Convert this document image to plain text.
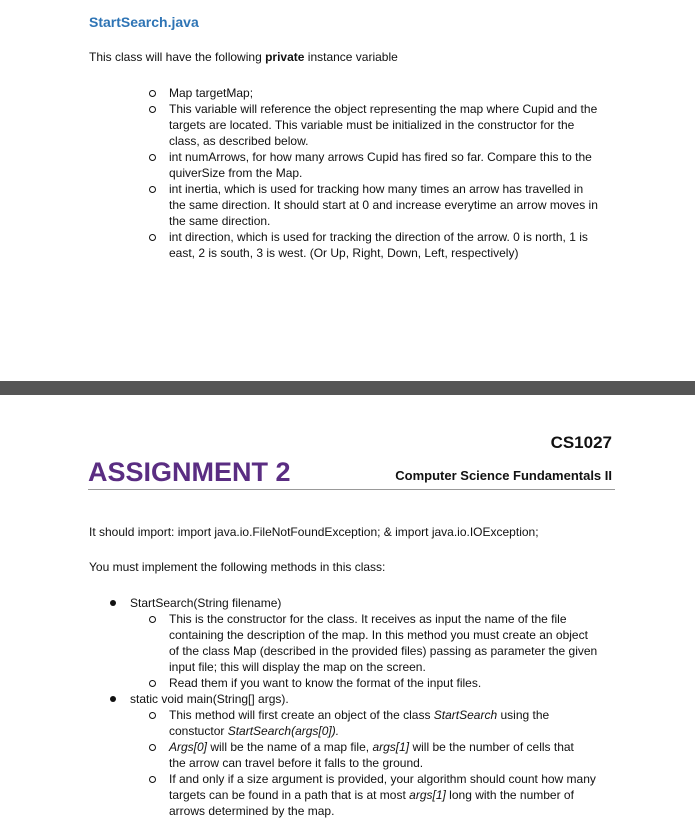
StartSearch.java
This class will have the following private instance variable
Map targetMap;
This variable will reference the object representing the map where Cupid and the
targets are located. This variable must be initialized in the constructor for the
class, as described below.
int numArrows, for how many arrows Cupid has fired so far. Compare this to the
quiverSize from the Map.
int inertia, which is used for tracking how many times an arrow has travelled in
the same direction. It should start at 0 and increase everytime an arrow moves in
the same direction.
int direction, which is used for tracking the direction of the arrow. 0 is north, 1 is
east, 2 is south, 3 is west. (Or Up, Right, Down, Left, respectively)
CS1027
ASSIGNMENT 2	Computer Science Fundamentals II
It should import: import java.io.FileNotFoundException; & import java.io.IOException;
You must implement the following methods in this class:
StartSearch(String filename)
This is the constructor for the class. It receives as input the name of the file
containing the description of the map. In this method you must create an object
of the class Map (described in the provided files) passing as parameter the given
input file; this will display the map on the screen.
Read them if you want to know the format of the input files.
static void main(String[] args).
This method will first create an object of the class StartSearch using the
constuctor StartSearch(args[0]).
Args[0] will be the name of a map file, args[1] will be the number of cells that
the arrow can travel before it falls to the ground.
If and only if a size argument is provided, your algorithm should count how many
targets can be found in a path that is at most args[1] long with the number of
arrows determined by the map.
